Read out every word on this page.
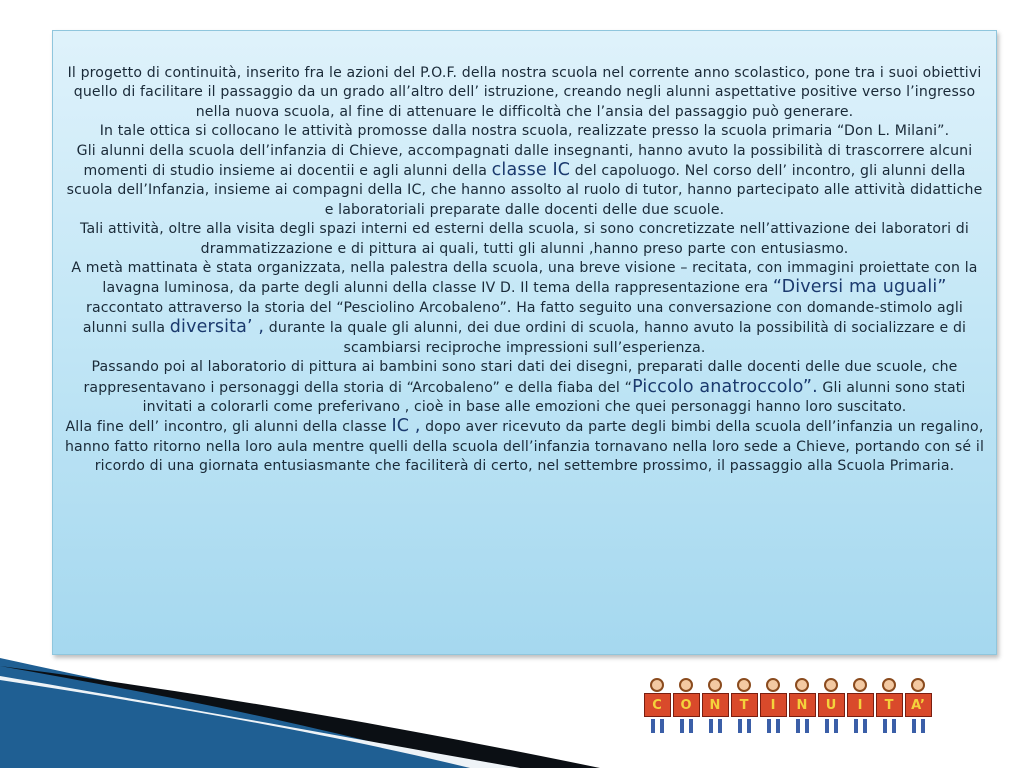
Il progetto di continuità, inserito fra le azioni del P.O.F. della nostra scuola nel corrente anno scolastico, pone tra i suoi obiettivi quello di facilitare il passaggio da un grado all’altro dell’ istruzione, creando negli alunni aspettative positive verso l’ingresso nella nuova scuola, al fine di attenuare le difficoltà che l’ansia del passaggio può generare.
In tale ottica si collocano le attività promosse dalla nostra scuola, realizzate presso la scuola primaria “Don L. Milani”.
Gli alunni della scuola dell’infanzia di Chieve, accompagnati dalle insegnanti, hanno avuto la possibilità di trascorrere alcuni momenti di studio insieme ai docentii e agli alunni della classe IC del capoluogo. Nel corso dell’ incontro, gli alunni della scuola dell’Infanzia, insieme ai compagni della IC, che hanno assolto al ruolo di tutor, hanno partecipato alle attività didattiche e laboratoriali preparate dalle docenti delle due scuole.
Tali attività, oltre alla visita degli spazi interni ed esterni della scuola, si sono concretizzate nell’attivazione dei laboratori di drammatizzazione e di pittura ai quali, tutti gli alunni ,hanno preso parte con entusiasmo.
A metà mattinata è stata organizzata, nella palestra della scuola, una breve visione – recitata, con immagini proiettate con la lavagna luminosa, da parte degli alunni della classe IV D. Il tema della rappresentazione era “Diversi ma uguali” raccontato attraverso la storia del “Pesciolino Arcobaleno”. Ha fatto seguito una conversazione con domande-stimolo agli alunni sulla diversita’ , durante la quale gli alunni, dei due ordini di scuola, hanno avuto la possibilità di socializzare e di scambiarsi reciproche impressioni sull’esperienza.
Passando poi al laboratorio di pittura ai bambini sono stari dati dei disegni, preparati dalle docenti delle due scuole, che rappresentavano i personaggi della storia di “Arcobaleno” e della fiaba del “Piccolo anatroccolo”. Gli alunni sono stati invitati a colorarli come preferivano , cioè in base alle emozioni che quei personaggi hanno loro suscitato.
Alla fine dell’ incontro, gli alunni della classe IC , dopo aver ricevuto da parte degli bimbi della scuola dell’infanzia un regalino, hanno fatto ritorno nella loro aula mentre quelli della scuola dell’infanzia tornavano nella loro sede a Chieve, portando con sé il ricordo di una giornata entusiasmante che faciliterà di certo, nel settembre prossimo, il passaggio alla Scuola Primaria.

C	O	N	T	I	N	U	I	T	A’
